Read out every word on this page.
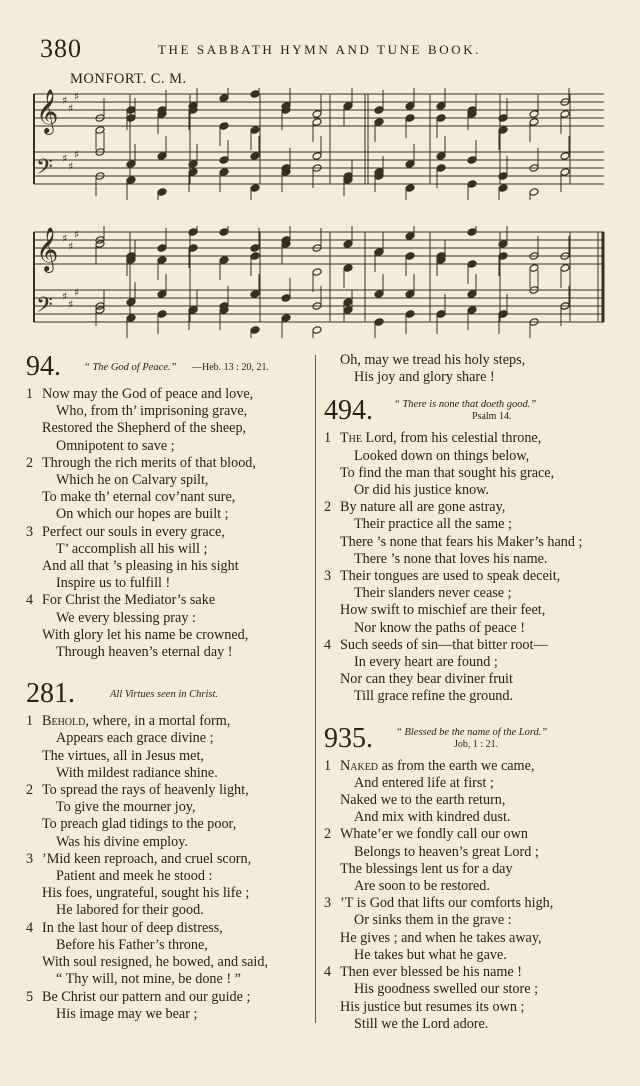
380	THE SABBATH HYMN AND TUNE BOOK.
MONFORT. C. M.
𝄞 ♯
♯
♯
𝄢 ♯
♯
♯
𝄞 ♯
♯
♯
𝄢 ♯
♯
♯
94. “ The God of Peace.” —Heb. 13 : 20, 21.
1 Now may the God of peace and love,
Who, from th’ imprisoning grave,
Restored the Shepherd of the sheep,
Omnipotent to save ;
2 Through the rich merits of that blood,
Which he on Calvary spilt,
To make th’ eternal cov’nant sure,
On which our hopes are built ;
3 Perfect our souls in every grace,
T’ accomplish all his will ;
And all that ’s pleasing in his sight
Inspire us to fulfill !
4 For Christ the Mediator’s sake
We every blessing pray :
With glory let his name be crowned,
Through heaven’s eternal day !
281.	All Virtues seen in Christ.
1 Behold, where, in a mortal form,
Appears each grace divine ;
The virtues, all in Jesus met,
With mildest radiance shine.
2 To spread the rays of heavenly light,
To give the mourner joy,
To preach glad tidings to the poor,
Was his divine employ.
3 ’Mid keen reproach, and cruel scorn,
Patient and meek he stood :
His foes, ungrateful, sought his life ;
He labored for their good.
4 In the last hour of deep distress,
Before his Father’s throne,
With soul resigned, he bowed, and said,
“ Thy will, not mine, be done ! ”
5 Be Christ our pattern and our guide ;
His image may we bear ;
Oh, may we tread his holy steps,
His joy and glory share !
494. “ There is none that doeth good.”
Psalm 14.
1 The Lord, from his celestial throne,
Looked down on things below,
To find the man that sought his grace,
Or did his justice know.
2 By nature all are gone astray,
Their practice all the same ;
There ’s none that fears his Maker’s hand ;
There ’s none that loves his name.
3 Their tongues are used to speak deceit,
Their slanders never cease ;
How swift to mischief are their feet,
Nor know the paths of peace !
4 Such seeds of sin—that bitter root—
In every heart are found ;
Nor can they bear diviner fruit
Till grace refine the ground.
935. “ Blessed be the name of the Lord.”
Job, 1 : 21.
1 Naked as from the earth we came,
And entered life at first ;
Naked we to the earth return,
And mix with kindred dust.
2 Whate’er we fondly call our own
Belongs to heaven’s great Lord ;
The blessings lent us for a day
Are soon to be restored.
3 ’T is God that lifts our comforts high,
Or sinks them in the grave :
He gives ; and when he takes away,
He takes but what he gave.
4 Then ever blessed be his name !
His goodness swelled our store ;
His justice but resumes its own ;
Still we the Lord adore.
